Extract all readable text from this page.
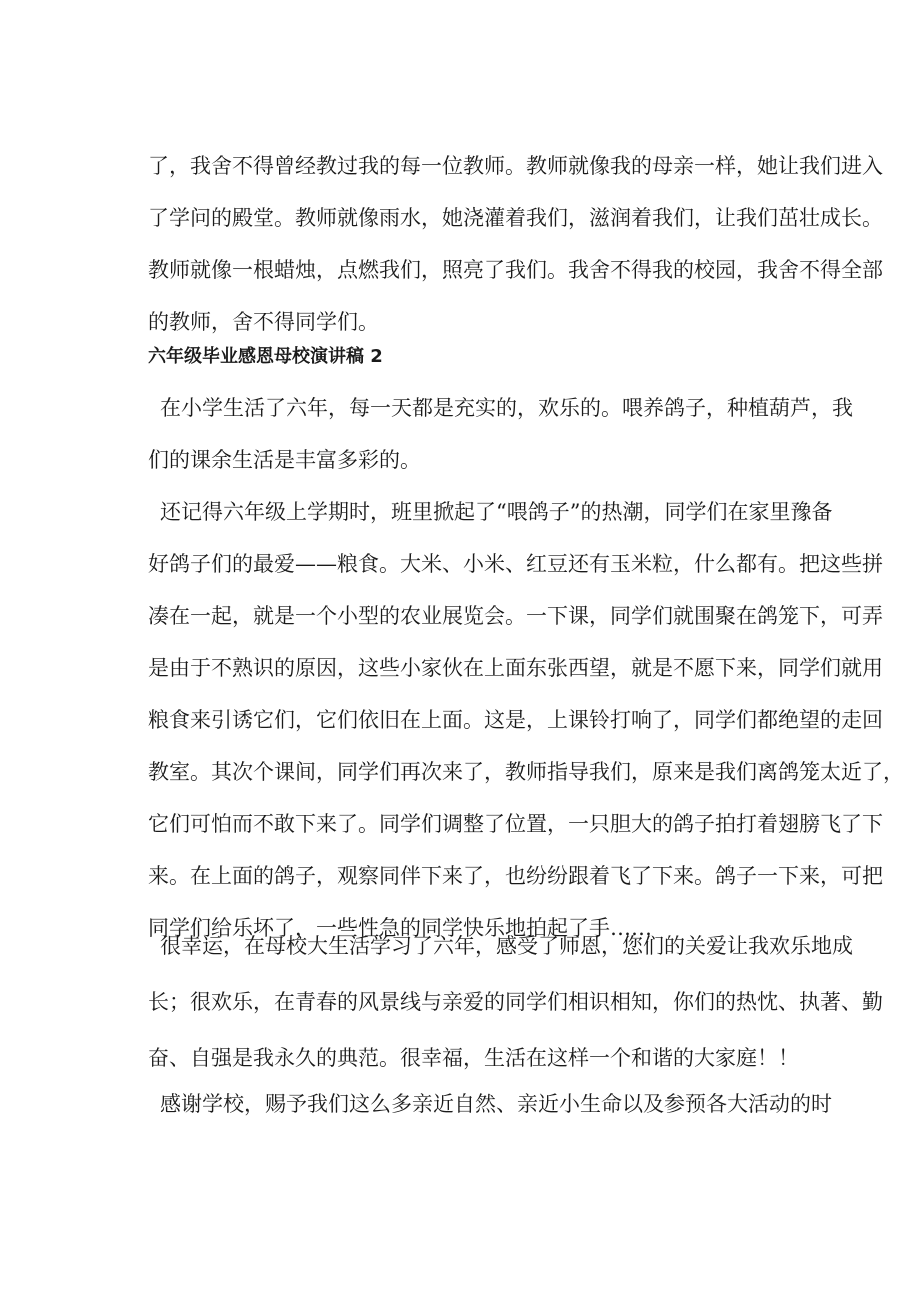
了，我舍不得曾经教过我的每一位教师。教师就像我的母亲一样，她让我们进入
了学问的殿堂。教师就像雨水，她浇灌着我们，滋润着我们，让我们茁壮成长。
教师就像一根蜡烛，点燃我们，照亮了我们。我舍不得我的校园，我舍不得全部
的教师，舍不得同学们。

六年级毕业感恩母校演讲稿 2

在小学生活了六年，每一天都是充实的，欢乐的。喂养鸽子，种植葫芦，我
们的课余生活是丰富多彩的。

还记得六年级上学期时，班里掀起了“喂鸽子”的热潮，同学们在家里豫备
好鸽子们的最爱——粮食。大米、小米、红豆还有玉米粒，什么都有。把这些拼
凑在一起，就是一个小型的农业展览会。一下课，同学们就围聚在鸽笼下，可弄
是由于不熟识的原因，这些小家伙在上面东张西望，就是不愿下来，同学们就用
粮食来引诱它们，它们依旧在上面。这是，上课铃打响了，同学们都绝望的走回
教室。其次个课间，同学们再次来了，教师指导我们，原来是我们离鸽笼太近了，
它们可怕而不敢下来了。同学们调整了位置，一只胆大的鸽子拍打着翅膀飞了下
来。在上面的鸽子，观察同伴下来了，也纷纷跟着飞了下来。鸽子一下来，可把
同学们给乐坏了，一些性急的同学快乐地拍起了手……

很幸运，在母校大生活学习了六年，感受了师恩，您们的关爱让我欢乐地成
长；很欢乐，在青春的风景线与亲爱的同学们相识相知，你们的热忱、执著、勤
奋、自强是我永久的典范。很幸福，生活在这样一个和谐的大家庭！！

感谢学校，赐予我们这么多亲近自然、亲近小生命以及参预各大活动的时
